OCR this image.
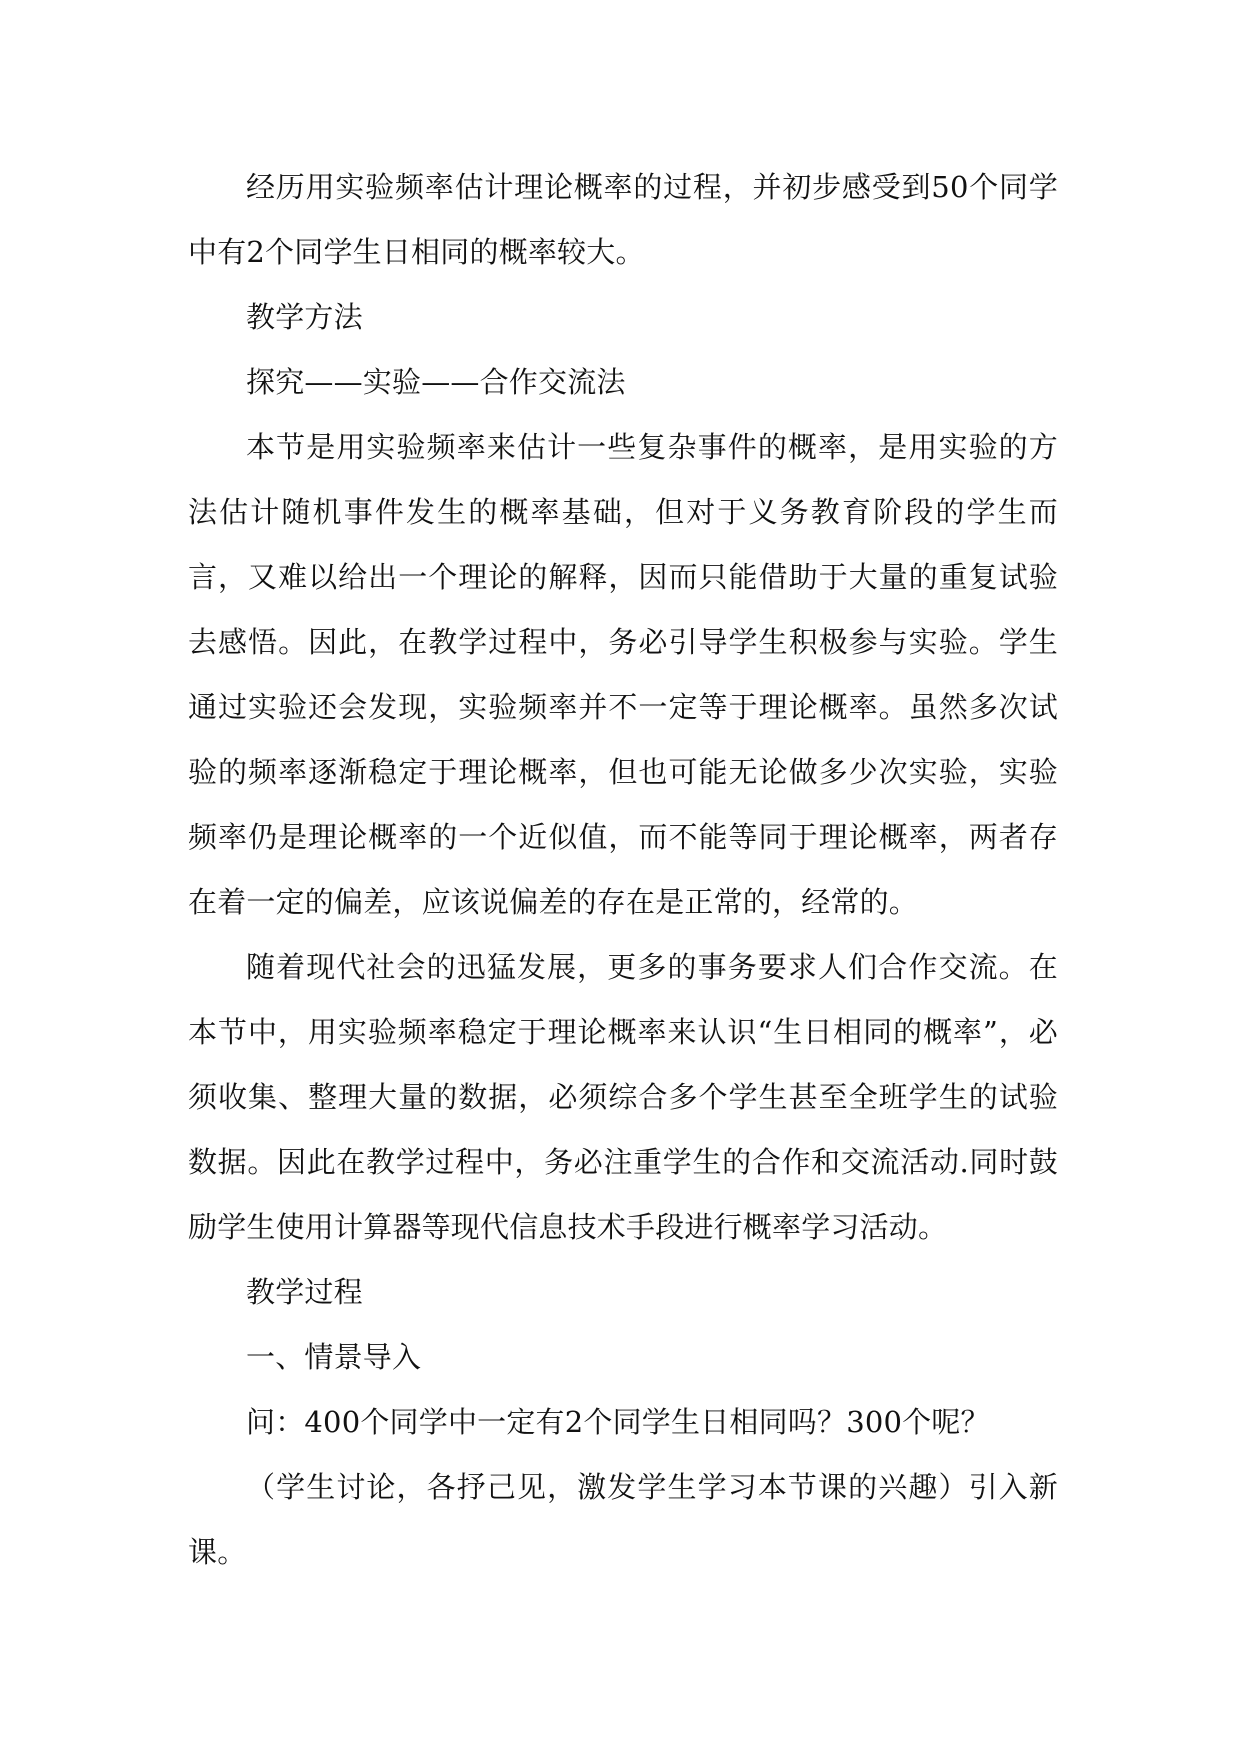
经历用实验频率估计理论概率的过程，并初步感受到50个同学中有2个同学生日相同的概率较大。

教学方法

探究——实验——合作交流法

本节是用实验频率来估计一些复杂事件的概率，是用实验的方法估计随机事件发生的概率基础，但对于义务教育阶段的学生而言，又难以给出一个理论的解释，因而只能借助于大量的重复试验去感悟。因此，在教学过程中，务必引导学生积极参与实验。学生通过实验还会发现，实验频率并不一定等于理论概率。虽然多次试验的频率逐渐稳定于理论概率，但也可能无论做多少次实验，实验频率仍是理论概率的一个近似值，而不能等同于理论概率，两者存在着一定的偏差，应该说偏差的存在是正常的，经常的。

随着现代社会的迅猛发展，更多的事务要求人们合作交流。在本节中，用实验频率稳定于理论概率来认识“生日相同的概率”，必须收集、整理大量的数据，必须综合多个学生甚至全班学生的试验数据。因此在教学过程中，务必注重学生的合作和交流活动.同时鼓励学生使用计算器等现代信息技术手段进行概率学习活动。

教学过程

一、情景导入

问：400个同学中一定有2个同学生日相同吗？300个呢？

（学生讨论，各抒己见，激发学生学习本节课的兴趣）引入新课。
